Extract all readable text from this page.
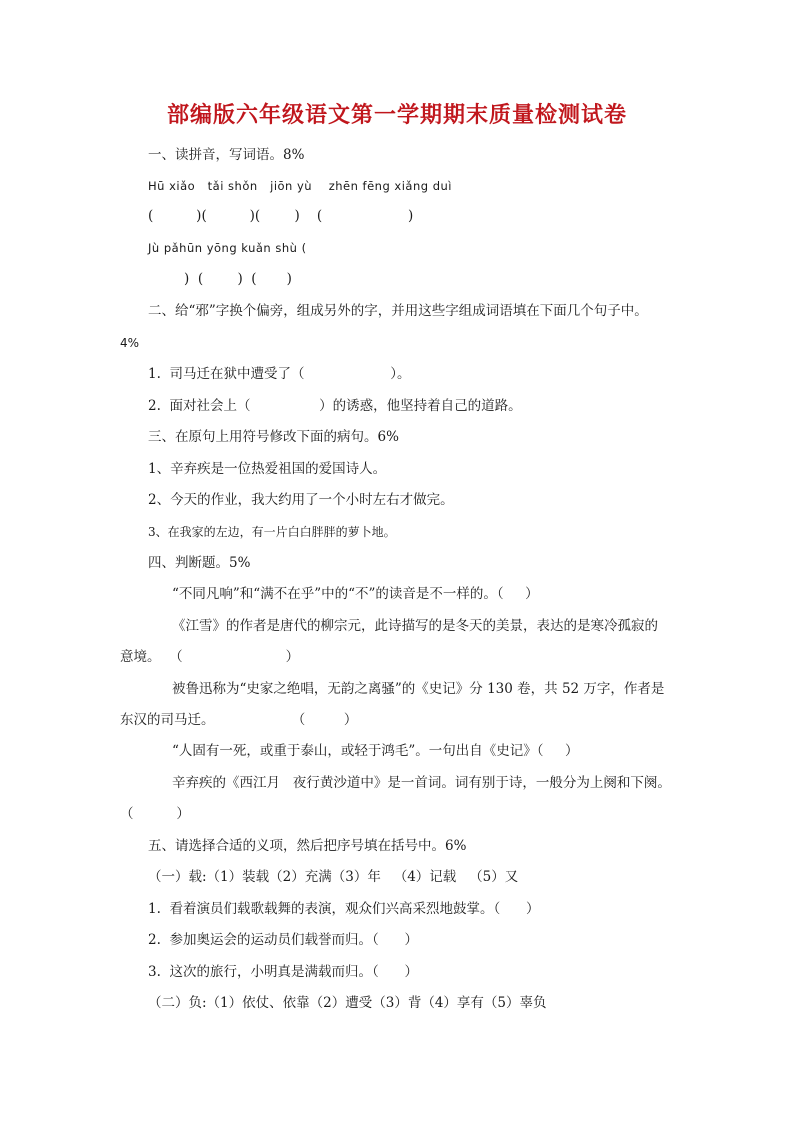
部编版六年级语文第一学期期末质量检测试卷
一、读拼音，写词语。8%
Hū xiǎo   tǎi shǒn   jiōn yù    zhēn fēng xiǎng duì
(          )(          )(        )    (                    )
Jù pǎhūn yōng kuǎn shù (
)  (        )  (       )
二、给“邪”字换个偏旁，组成另外的字，并用这些字组成词语填在下面几个句子中。
4%
1.  司马迁在狱中遭受了（                    ）。
2.  面对社会上（                ）的诱惑，他坚持着自己的道路。
三、在原句上用符号修改下面的病句。6%
1、辛弃疾是一位热爱祖国的爱国诗人。
2、今天的作业，我大约用了一个小时左右才做完。
3、在我家的左边，有一片白白胖胖的萝卜地。
四、判断题。5%
“不同凡响”和“满不在乎”中的“不”的读音是不一样的。（     ）
《江雪》的作者是唐代的柳宗元，此诗描写的是冬天的美景，表达的是寒冷孤寂的
意境。  （                        ）
被鲁迅称为“史家之绝唱，无韵之离骚”的《史记》分 130 卷，共 52 万字，作者是
东汉的司马迁。                  （         ）
“人固有一死，或重于泰山，或轻于鸿毛”。一句出自《史记》（     ）
辛弃疾的《西江月   夜行黄沙道中》是一首词。词有别于诗，一般分为上阕和下阕。
（          ）
五、请选择合适的义项，然后把序号填在括号中。6%
（一）载:（1）装载（2）充满（3）年   （4）记载   （5）又
1.  看着演员们载歌载舞的表演，观众们兴高采烈地鼓掌。（      ）
2.  参加奥运会的运动员们载誉而归。（      ）
3.  这次的旅行，小明真是满载而归。（      ）
（二）负:（1）依仗、依靠（2）遭受（3）背（4）享有（5）辜负
